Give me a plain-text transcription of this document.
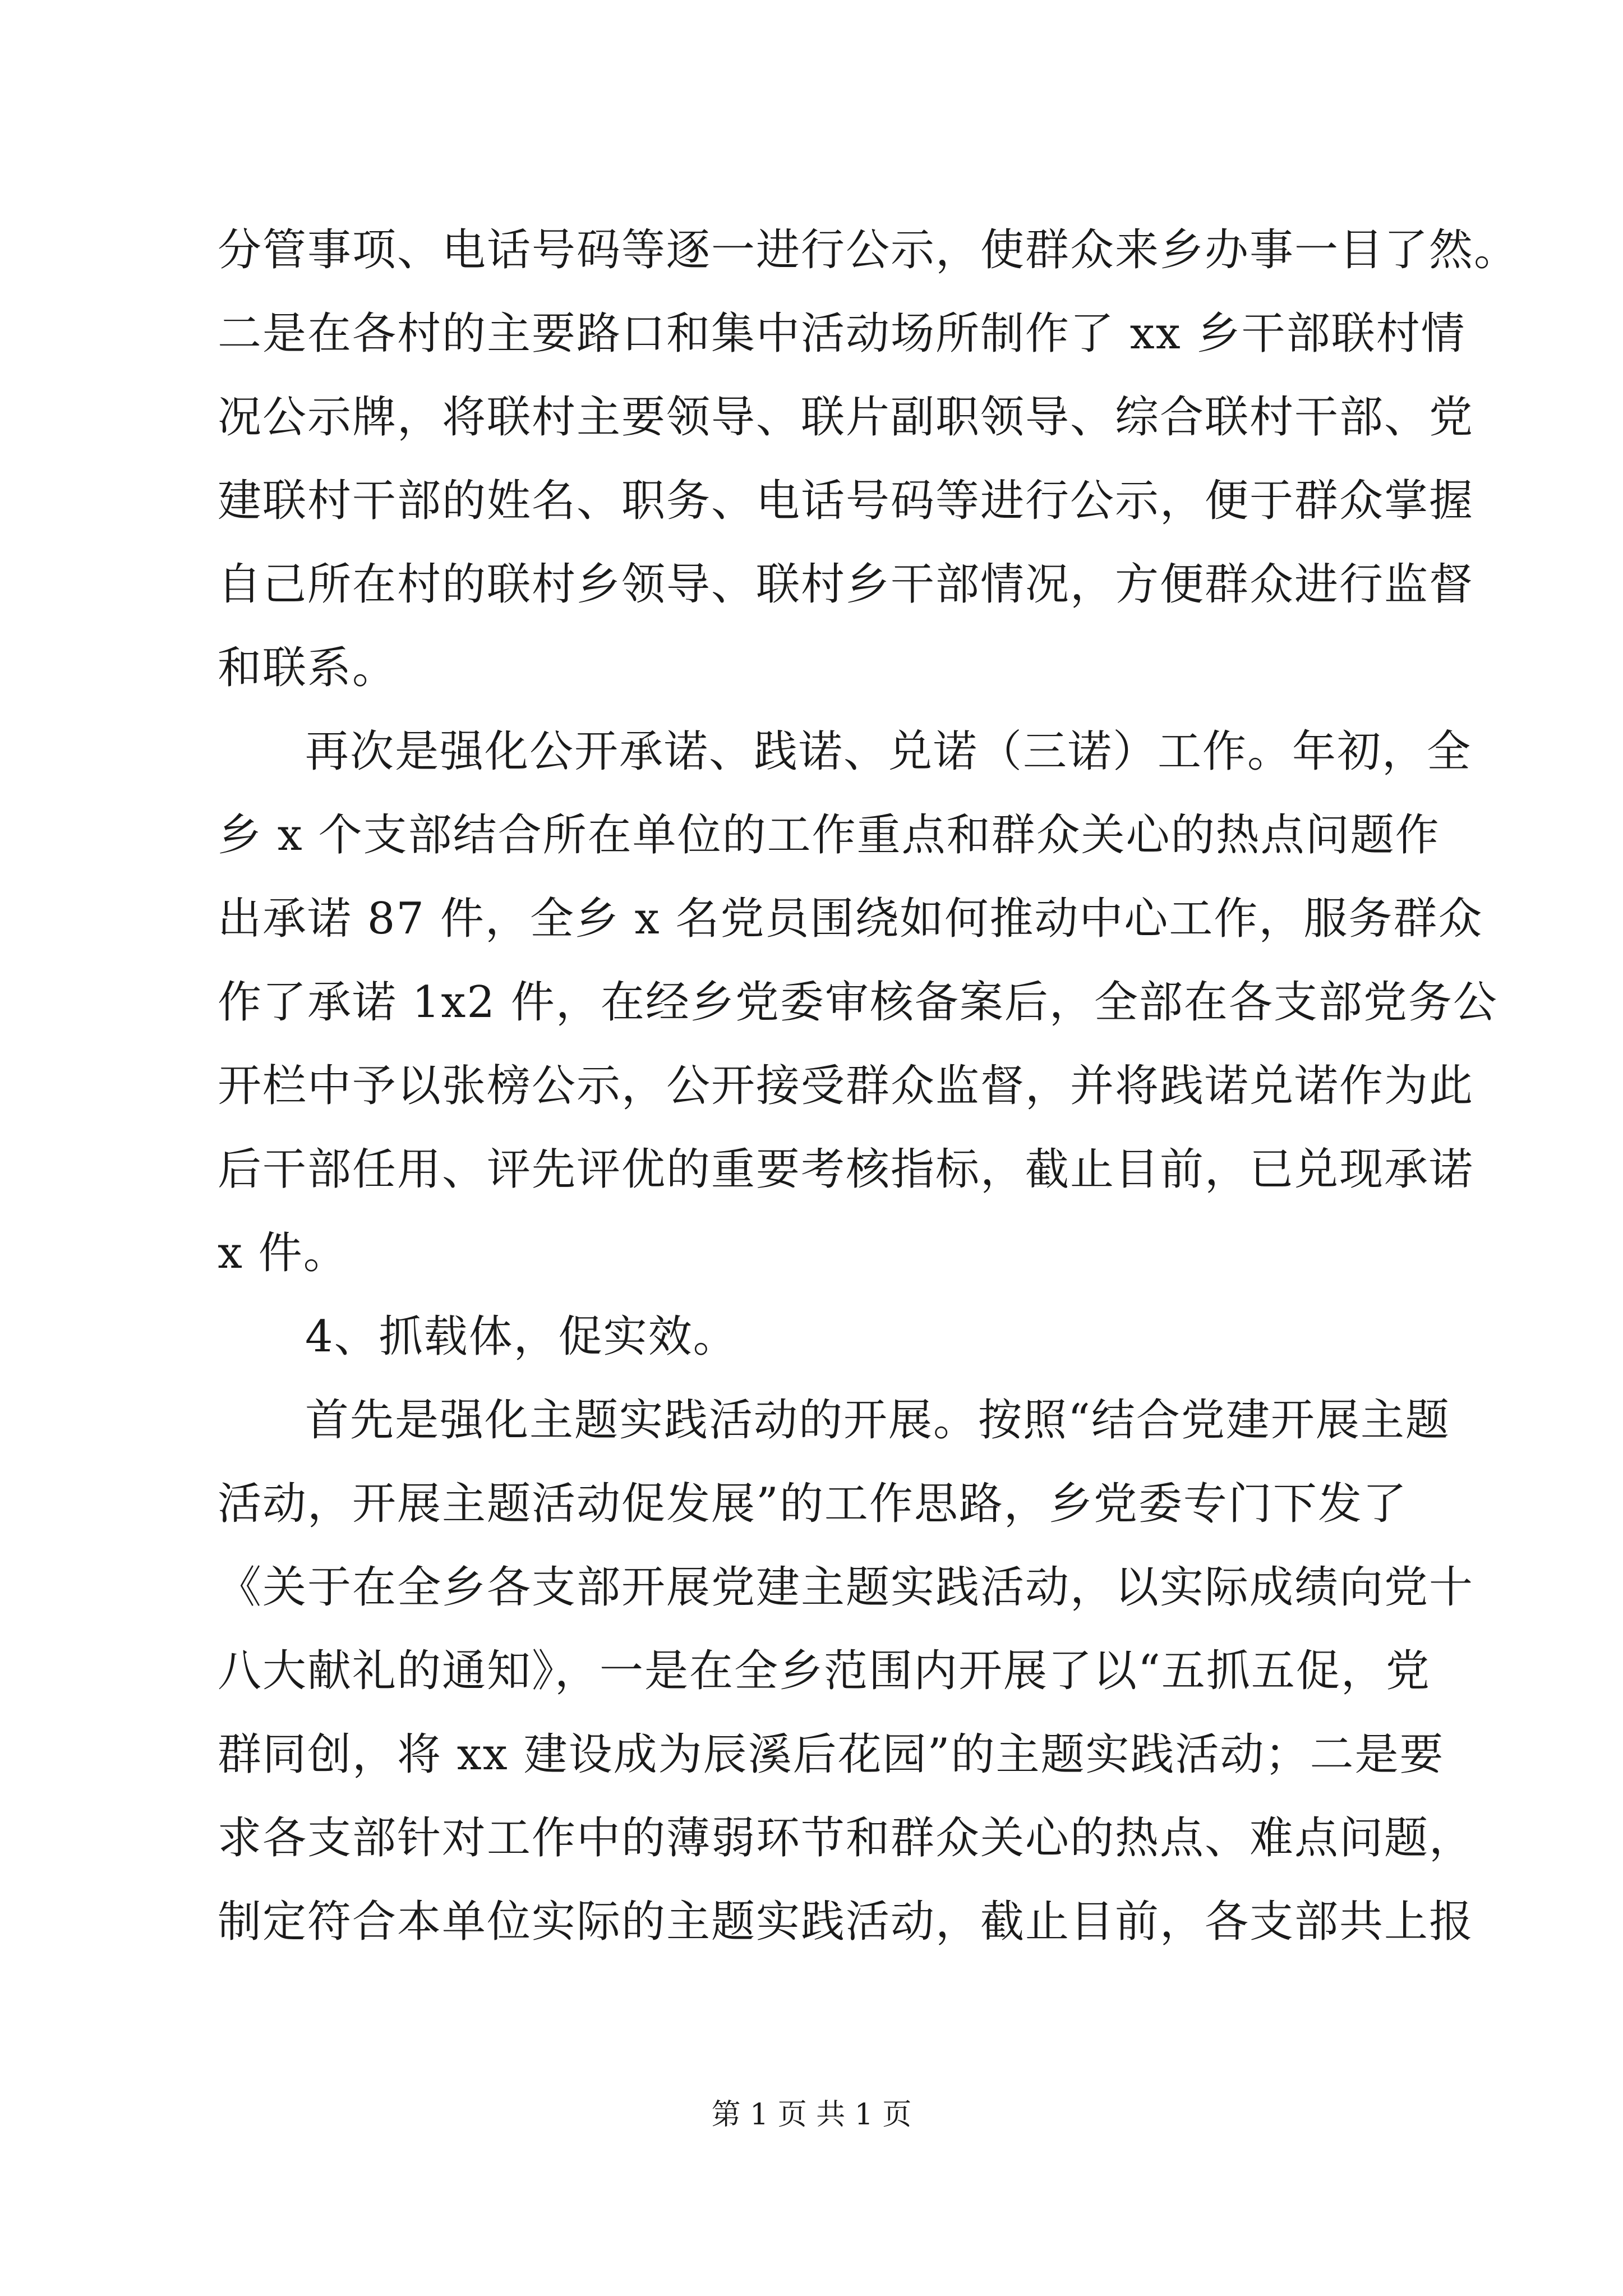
分管事项、电话号码等逐一进行公示，使群众来乡办事一目了然。
二是在各村的主要路口和集中活动场所制作了 xx 乡干部联村情
况公示牌，将联村主要领导、联片副职领导、综合联村干部、党
建联村干部的姓名、职务、电话号码等进行公示，便于群众掌握
自己所在村的联村乡领导、联村乡干部情况，方便群众进行监督
和联系。
再次是强化公开承诺、践诺、兑诺（三诺）工作。年初，全
乡 x 个支部结合所在单位的工作重点和群众关心的热点问题作
出承诺 87 件，全乡 x 名党员围绕如何推动中心工作，服务群众
作了承诺 1x2 件，在经乡党委审核备案后，全部在各支部党务公
开栏中予以张榜公示，公开接受群众监督，并将践诺兑诺作为此
后干部任用、评先评优的重要考核指标，截止目前，已兑现承诺
x 件。
4、抓载体，促实效。
首先是强化主题实践活动的开展。按照“结合党建开展主题
活动，开展主题活动促发展”的工作思路，乡党委专门下发了
《关于在全乡各支部开展党建主题实践活动，以实际成绩向党十
八大献礼的通知》，一是在全乡范围内开展了以“五抓五促，党
群同创，将 xx 建设成为辰溪后花园”的主题实践活动；二是要
求各支部针对工作中的薄弱环节和群众关心的热点、难点问题，
制定符合本单位实际的主题实践活动，截止目前，各支部共上报
第 1 页 共 1 页
